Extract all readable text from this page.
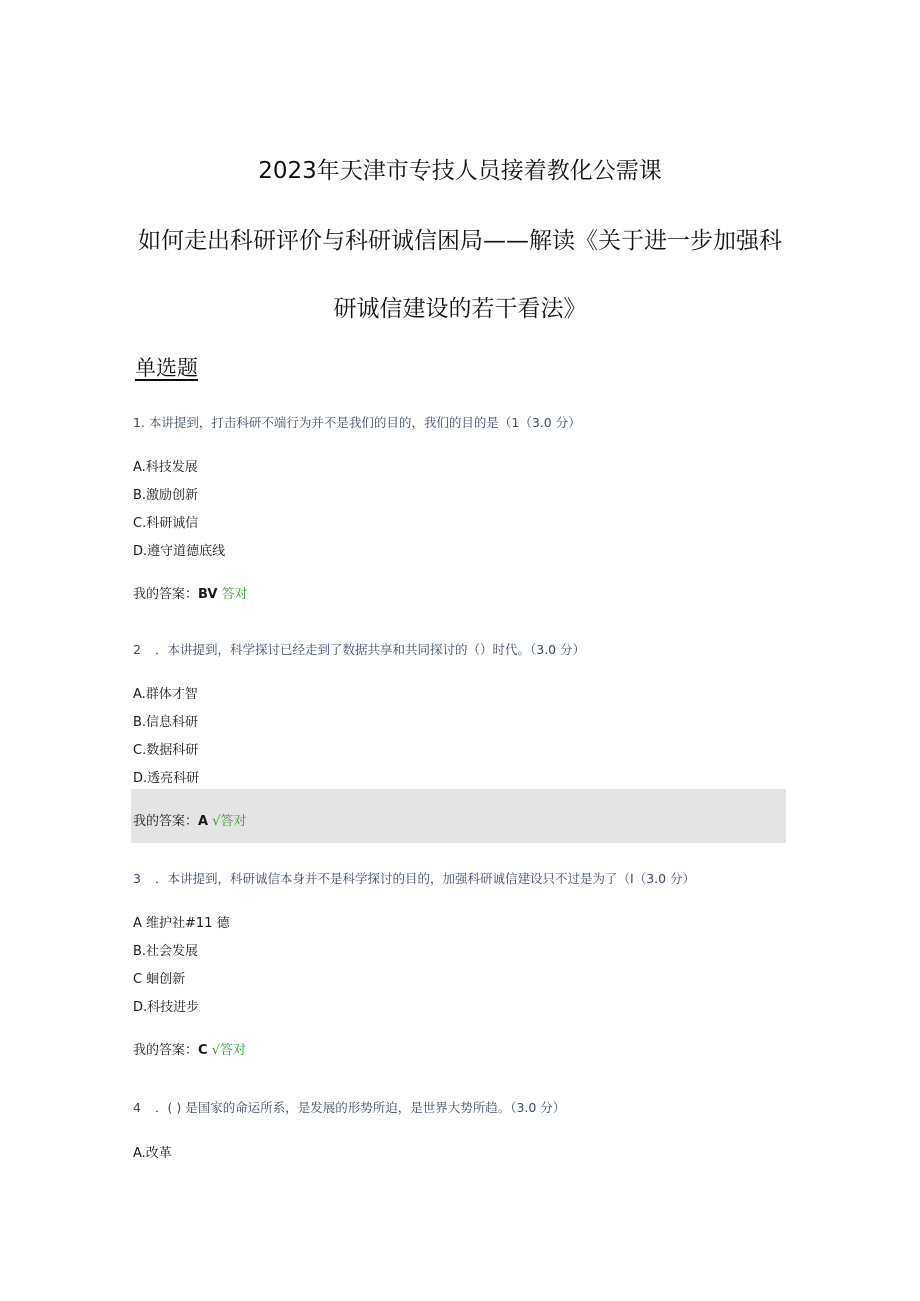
2023年天津市专技人员接着教化公需课
如何走出科研评价与科研诚信困局——解读《关于进一步加强科
研诚信建设的若干看法》
单选题
1. 本讲提到，打击科研不端行为并不是我们的目的，我们的目的是（1（3.0 分）
A.科技发展
B.激励创新
C.科研诚信
D.遵守道德底线
我的答案：BV 答对
2 ．本讲提到，科学探讨已经走到了数据共享和共同探讨的（）时代。（3.0 分）
A.群体才智
B.信息科研
C.数据科研
D.透亮科研
我的答案：A √答对
3 ．本讲提到，科研诚信本身并不是科学探讨的目的，加强科研诚信建设只不过是为了（I（3.0 分）
A 维护社#11 德
B.社会发展
C 蛔创新
D.科技进步
我的答案：C √答对
4 ．( ) 是国家的命运所系，是发展的形势所迫，是世界大势所趋。（3.0 分）
A.改革
